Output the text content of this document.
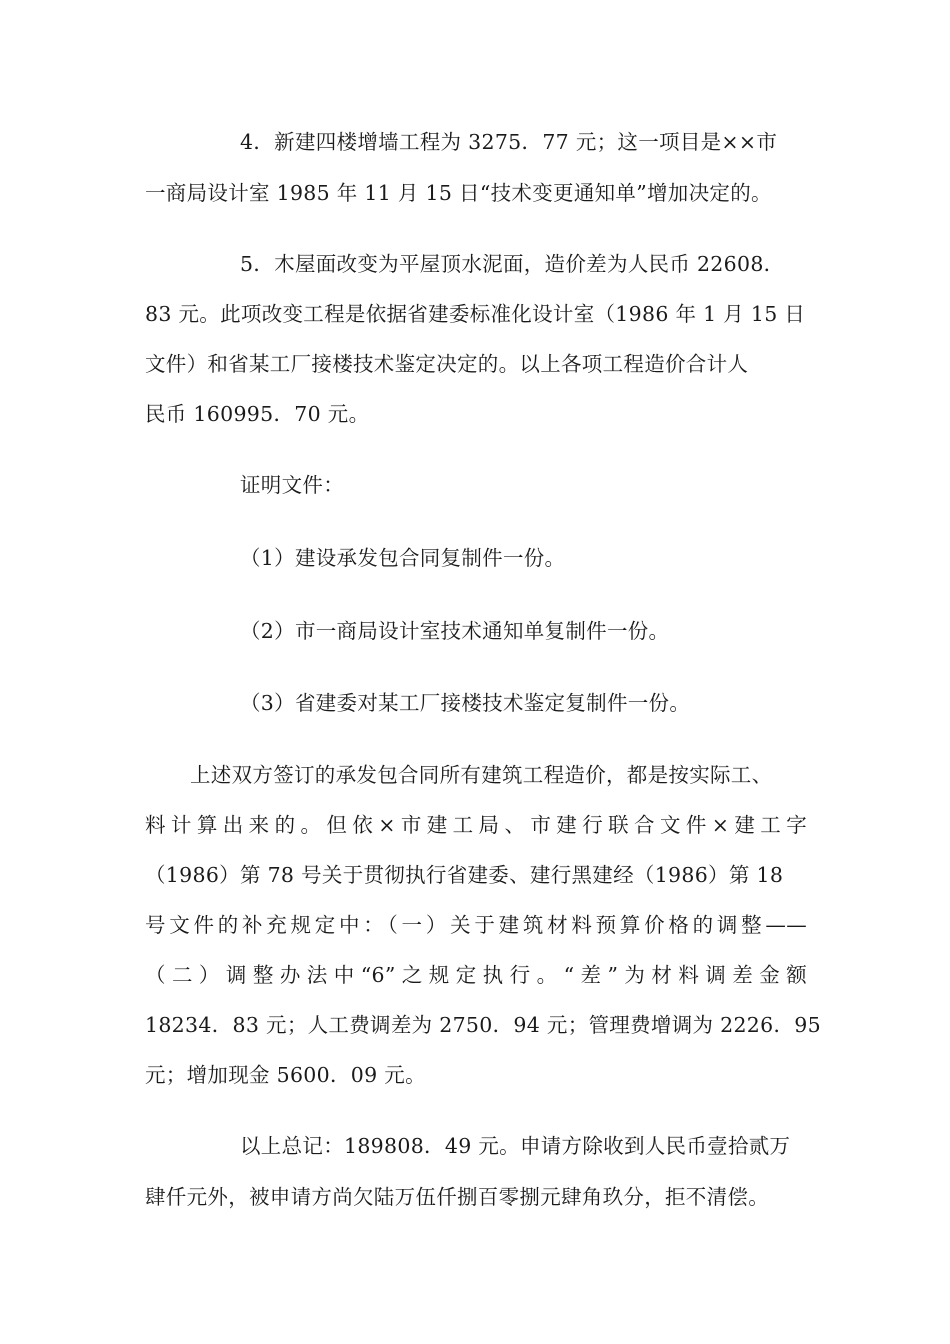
4．新建四楼增墙工程为 3275．77 元；这一项目是××市
一商局设计室 1985 年 11 月 15 日“技术变更通知单”增加决定的。
5．木屋面改变为平屋顶水泥面，造价差为人民币 22608．
83 元。此项改变工程是依据省建委标准化设计室（1986 年 1 月 15 日
文件）和省某工厂接楼技术鉴定决定的。以上各项工程造价合计人
民币 160995．70 元。
证明文件：
（1）建设承发包合同复制件一份。
（2）市一商局设计室技术通知单复制件一份。
（3）省建委对某工厂接楼技术鉴定复制件一份。
上述双方签订的承发包合同所有建筑工程造价，都是按实际工、
料计算出来的。但依×市建工局、市建行联合文件×建工字
（1986）第 78 号关于贯彻执行省建委、建行黑建经（1986）第 18
号文件的补充规定中：（一）关于建筑材料预算价格的调整——
（二）调整办法中“6”之规定执行。“差”为材料调差金额
18234．83 元；人工费调差为 2750．94 元；管理费增调为 2226．95
元；增加现金 5600．09 元。
以上总记：189808．49 元。申请方除收到人民币壹拾贰万
肆仟元外，被申请方尚欠陆万伍仟捌百零捌元肆角玖分，拒不清偿。
